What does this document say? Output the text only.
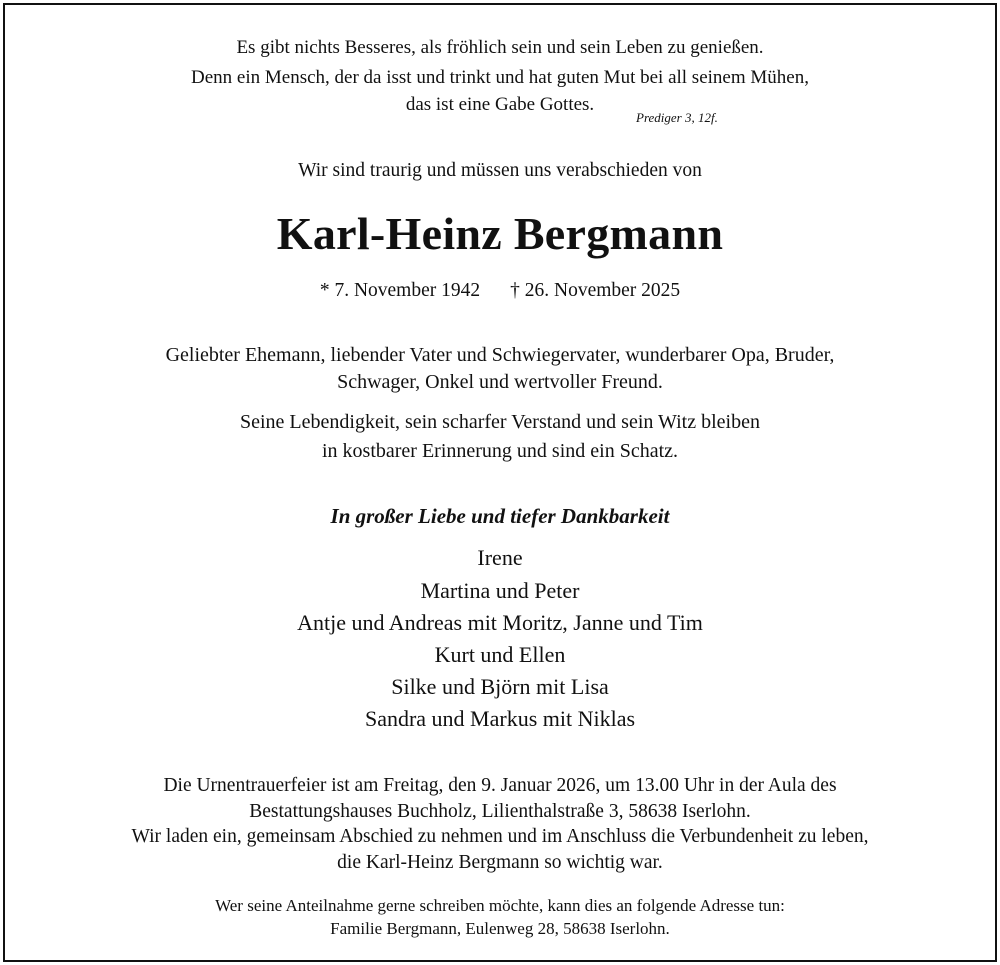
Es gibt nichts Besseres, als fröhlich sein und sein Leben zu genießen.

Denn ein Mensch, der da isst und trinkt und hat guten Mut bei all seinem Mühen,

das ist eine Gabe Gottes.

Prediger 3, 12f.

Wir sind traurig und müssen uns verabschieden von

Karl-Heinz Bergmann

* 7. November 1942 † 26. November 2025

Geliebter Ehemann, liebender Vater und Schwiegervater, wunderbarer Opa, Bruder,

Schwager, Onkel und wertvoller Freund.

Seine Lebendigkeit, sein scharfer Verstand und sein Witz bleiben

in kostbarer Erinnerung und sind ein Schatz.

In großer Liebe und tiefer Dankbarkeit

Irene

Martina und Peter

Antje und Andreas mit Moritz, Janne und Tim

Kurt und Ellen

Silke und Björn mit Lisa

Sandra und Markus mit Niklas

Die Urnentrauerfeier ist am Freitag, den 9. Januar 2026, um 13.00 Uhr in der Aula des

Bestattungshauses Buchholz, Lilienthalstraße 3, 58638 Iserlohn.

Wir laden ein, gemeinsam Abschied zu nehmen und im Anschluss die Verbundenheit zu leben,

die Karl-Heinz Bergmann so wichtig war.

Wer seine Anteilnahme gerne schreiben möchte, kann dies an folgende Adresse tun:

Familie Bergmann, Eulenweg 28, 58638 Iserlohn.
